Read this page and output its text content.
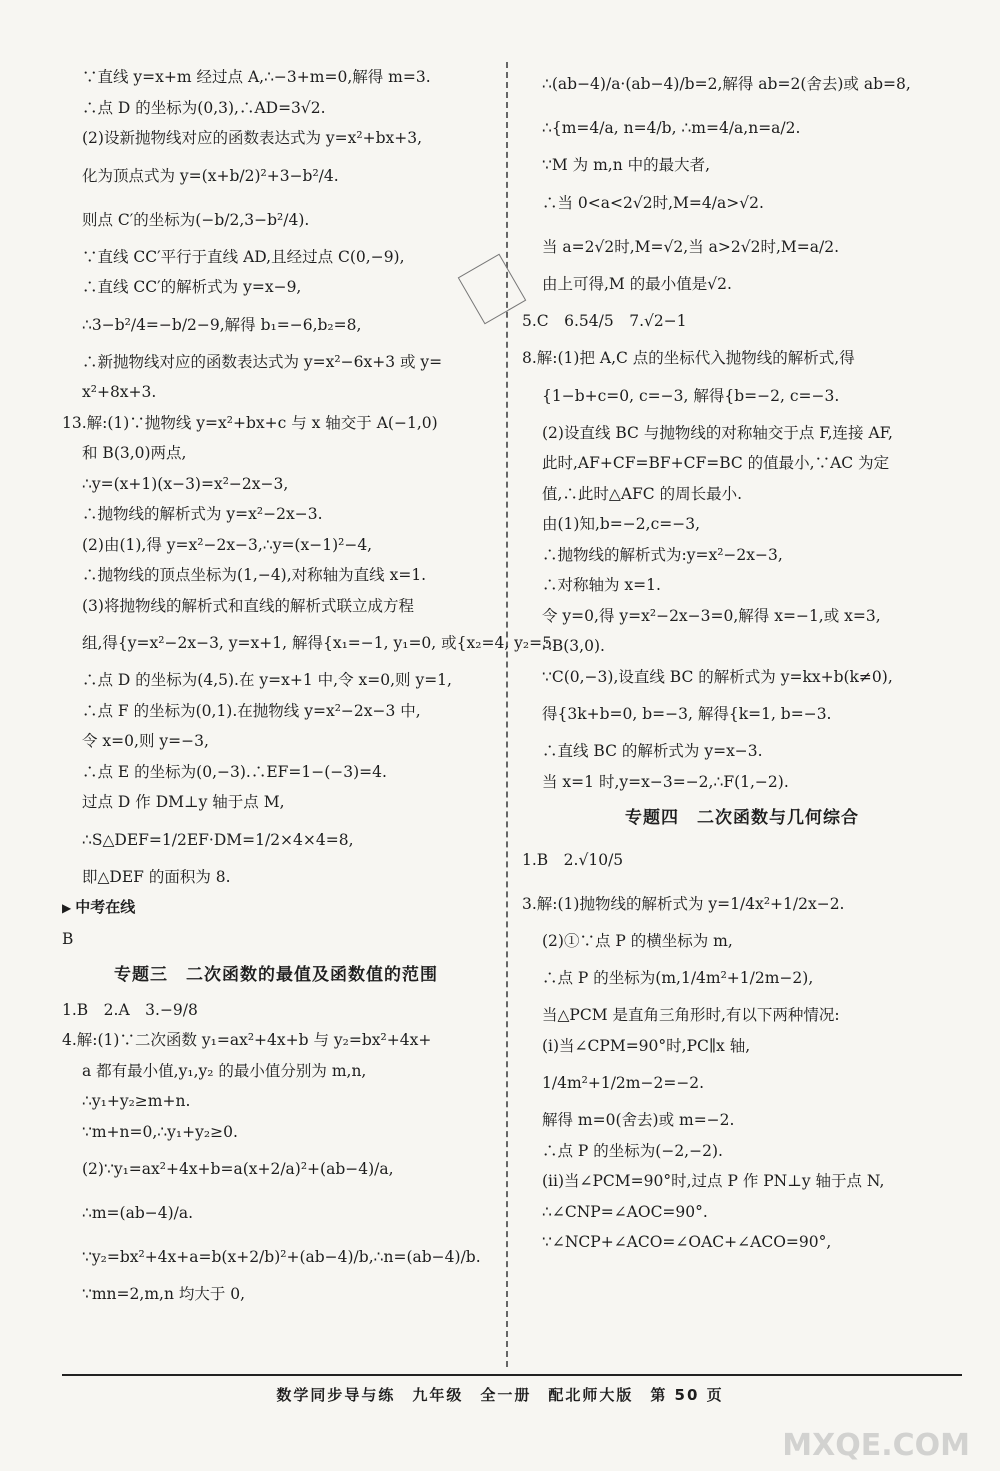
∵直线 y=x+m 经过点 A,∴−3+m=0,解得 m=3.
∴点 D 的坐标为(0,3),∴AD=3√2.
(2)设新抛物线对应的函数表达式为 y=x²+bx+3,
化为顶点式为 y=(x+b/2)²+3−b²/4.
则点 C′的坐标为(−b/2,3−b²/4).
∵直线 CC′平行于直线 AD,且经过点 C(0,−9),
∴直线 CC′的解析式为 y=x−9,
∴3−b²/4=−b/2−9,解得 b₁=−6,b₂=8,
∴新抛物线对应的函数表达式为 y=x²−6x+3 或 y=
x²+8x+3.
13.解:(1)∵抛物线 y=x²+bx+c 与 x 轴交于 A(−1,0)
和 B(3,0)两点,
∴y=(x+1)(x−3)=x²−2x−3,
∴抛物线的解析式为 y=x²−2x−3.
(2)由(1),得 y=x²−2x−3,∴y=(x−1)²−4,
∴抛物线的顶点坐标为(1,−4),对称轴为直线 x=1.
(3)将抛物线的解析式和直线的解析式联立成方程
组,得{y=x²−2x−3, y=x+1, 解得{x₁=−1, y₁=0, 或{x₂=4, y₂=5.
∴点 D 的坐标为(4,5).在 y=x+1 中,令 x=0,则 y=1,
∴点 F 的坐标为(0,1).在抛物线 y=x²−2x−3 中,
令 x=0,则 y=−3,
∴点 E 的坐标为(0,−3).∴EF=1−(−3)=4.
过点 D 作 DM⊥y 轴于点 M,
∴S△DEF=1/2EF·DM=1/2×4×4=8,
即△DEF 的面积为 8.
▶ 中考在线
B
专题三　二次函数的最值及函数值的范围
1.B　2.A　3.−9/8
4.解:(1)∵二次函数 y₁=ax²+4x+b 与 y₂=bx²+4x+
a 都有最小值,y₁,y₂ 的最小值分别为 m,n,
∴y₁+y₂≥m+n.
∵m+n=0,∴y₁+y₂≥0.
(2)∵y₁=ax²+4x+b=a(x+2/a)²+(ab−4)/a,
∴m=(ab−4)/a.
∵y₂=bx²+4x+a=b(x+2/b)²+(ab−4)/b,∴n=(ab−4)/b.
∵mn=2,m,n 均大于 0,
∴(ab−4)/a·(ab−4)/b=2,解得 ab=2(舍去)或 ab=8,
∴{m=4/a, n=4/b, ∴m=4/a,n=a/2.
∵M 为 m,n 中的最大者,
∴当 0<a<2√2时,M=4/a>√2.
当 a=2√2时,M=√2,当 a>2√2时,M=a/2.
由上可得,M 的最小值是√2.
5.C　6.54/5　7.√2−1
8.解:(1)把 A,C 点的坐标代入抛物线的解析式,得
{1−b+c=0, c=−3, 解得{b=−2, c=−3.
(2)设直线 BC 与抛物线的对称轴交于点 F,连接 AF,
此时,AF+CF=BF+CF=BC 的值最小,∵AC 为定
值,∴此时△AFC 的周长最小.
由(1)知,b=−2,c=−3,
∴抛物线的解析式为:y=x²−2x−3,
∴对称轴为 x=1.
令 y=0,得 y=x²−2x−3=0,解得 x=−1,或 x=3,
∴B(3,0).
∵C(0,−3),设直线 BC 的解析式为 y=kx+b(k≠0),
得{3k+b=0, b=−3, 解得{k=1, b=−3.
∴直线 BC 的解析式为 y=x−3.
当 x=1 时,y=x−3=−2,∴F(1,−2).
专题四　二次函数与几何综合
1.B　2.√10/5
3.解:(1)抛物线的解析式为 y=1/4x²+1/2x−2.
(2)①∵点 P 的横坐标为 m,
∴点 P 的坐标为(m,1/4m²+1/2m−2),
当△PCM 是直角三角形时,有以下两种情况:
(i)当∠CPM=90°时,PC∥x 轴,
1/4m²+1/2m−2=−2.
解得 m=0(舍去)或 m=−2.
∴点 P 的坐标为(−2,−2).
(ii)当∠PCM=90°时,过点 P 作 PN⊥y 轴于点 N,
∴∠CNP=∠AOC=90°.
∵∠NCP+∠ACO=∠OAC+∠ACO=90°,
数学同步导与练　九年级　全一册　配北师大版　第 50 页
MXQE.COM
